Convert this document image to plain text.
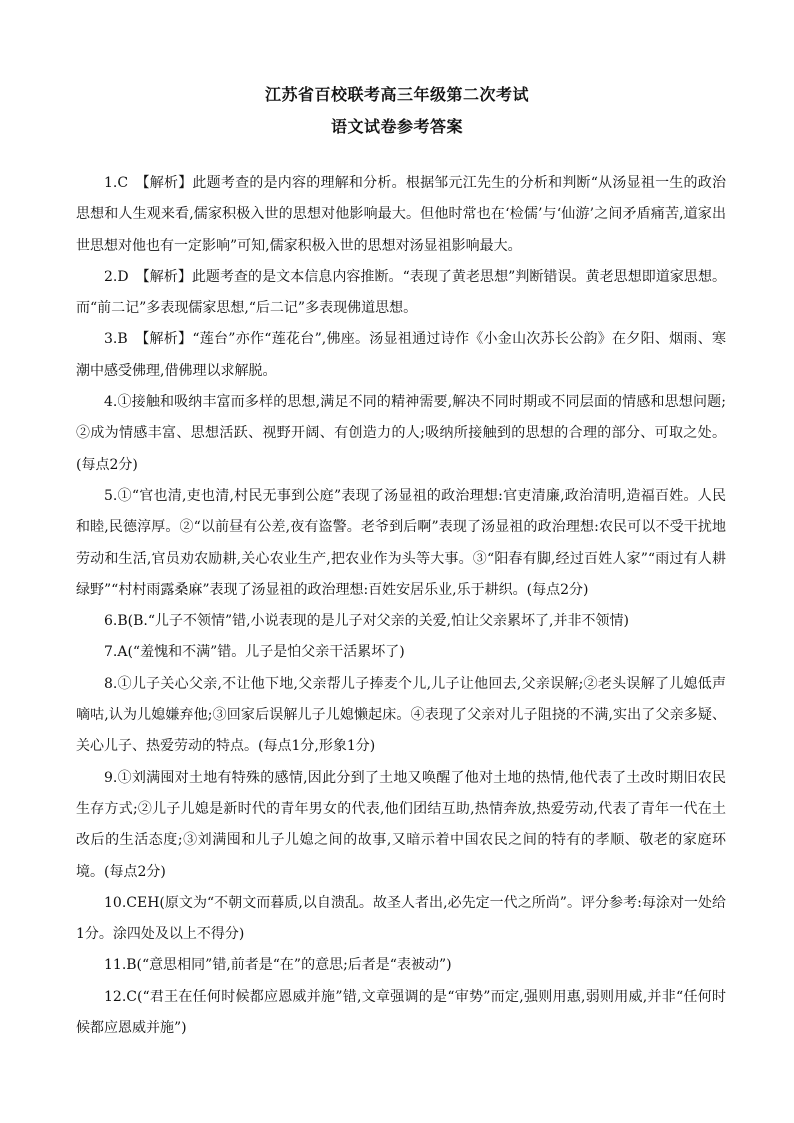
江苏省百校联考高三年级第二次考试
语文试卷参考答案

1.C　【解析】此题考查的是内容的理解和分析。根据邹元江先生的分析和判断“从汤显祖一生的政治思想和人生观来看,儒家积极入世的思想对他影响最大。但他时常也在‘检儒’与‘仙游’之间矛盾痛苦,道家出世思想对他也有一定影响”可知,儒家积极入世的思想对汤显祖影响最大。

2.D　【解析】此题考查的是文本信息内容推断。“表现了黄老思想”判断错误。黄老思想即道家思想。而“前二记”多表现儒家思想,“后二记”多表现佛道思想。

3.B　【解析】“莲台”亦作“莲花台”,佛座。汤显祖通过诗作《小金山次苏长公韵》在夕阳、烟雨、寒潮中感受佛理,借佛理以求解脱。

4.①接触和吸纳丰富而多样的思想,满足不同的精神需要,解决不同时期或不同层面的情感和思想问题;②成为情感丰富、思想活跃、视野开阔、有创造力的人;吸纳所接触到的思想的合理的部分、可取之处。(每点2分)

5.①“官也清,吏也清,村民无事到公庭”表现了汤显祖的政治理想:官吏清廉,政治清明,造福百姓。人民和睦,民德淳厚。②“以前昼有公差,夜有盗警。老爷到后啊”表现了汤显祖的政治理想:农民可以不受干扰地劳动和生活,官员劝农励耕,关心农业生产,把农业作为头等大事。③“阳春有脚,经过百姓人家”“雨过有人耕绿野”“村村雨露桑麻”表现了汤显祖的政治理想:百姓安居乐业,乐于耕织。(每点2分)

6.B(B.“儿子不领情”错,小说表现的是儿子对父亲的关爱,怕让父亲累坏了,并非不领情)

7.A(“羞愧和不满”错。儿子是怕父亲干活累坏了)

8.①儿子关心父亲,不让他下地,父亲帮儿子捧麦个儿,儿子让他回去,父亲误解;②老头误解了儿媳低声嘀咕,认为儿媳嫌弃他;③回家后误解儿子儿媳懒起床。④表现了父亲对儿子阻挠的不满,实出了父亲多疑、关心儿子、热爱劳动的特点。(每点1分,形象1分)

9.①刘满囤对土地有特殊的感情,因此分到了土地又唤醒了他对土地的热情,他代表了土改时期旧农民生存方式;②儿子儿媳是新时代的青年男女的代表,他们团结互助,热情奔放,热爱劳动,代表了青年一代在土改后的生活态度;③刘满囤和儿子儿媳之间的故事,又暗示着中国农民之间的特有的孝顺、敬老的家庭环境。(每点2分)

10.CEH(原文为“不朝文而暮质,以自溃乱。故圣人者出,必先定一代之所尚”。评分参考:每涂对一处给1分。涂四处及以上不得分)

11.B(“意思相同”错,前者是“在”的意思;后者是“表被动”)

12.C(“君王在任何时候都应恩威并施”错,文章强调的是“审势”而定,强则用惠,弱则用威,并非“任何时候都应恩威并施”)
